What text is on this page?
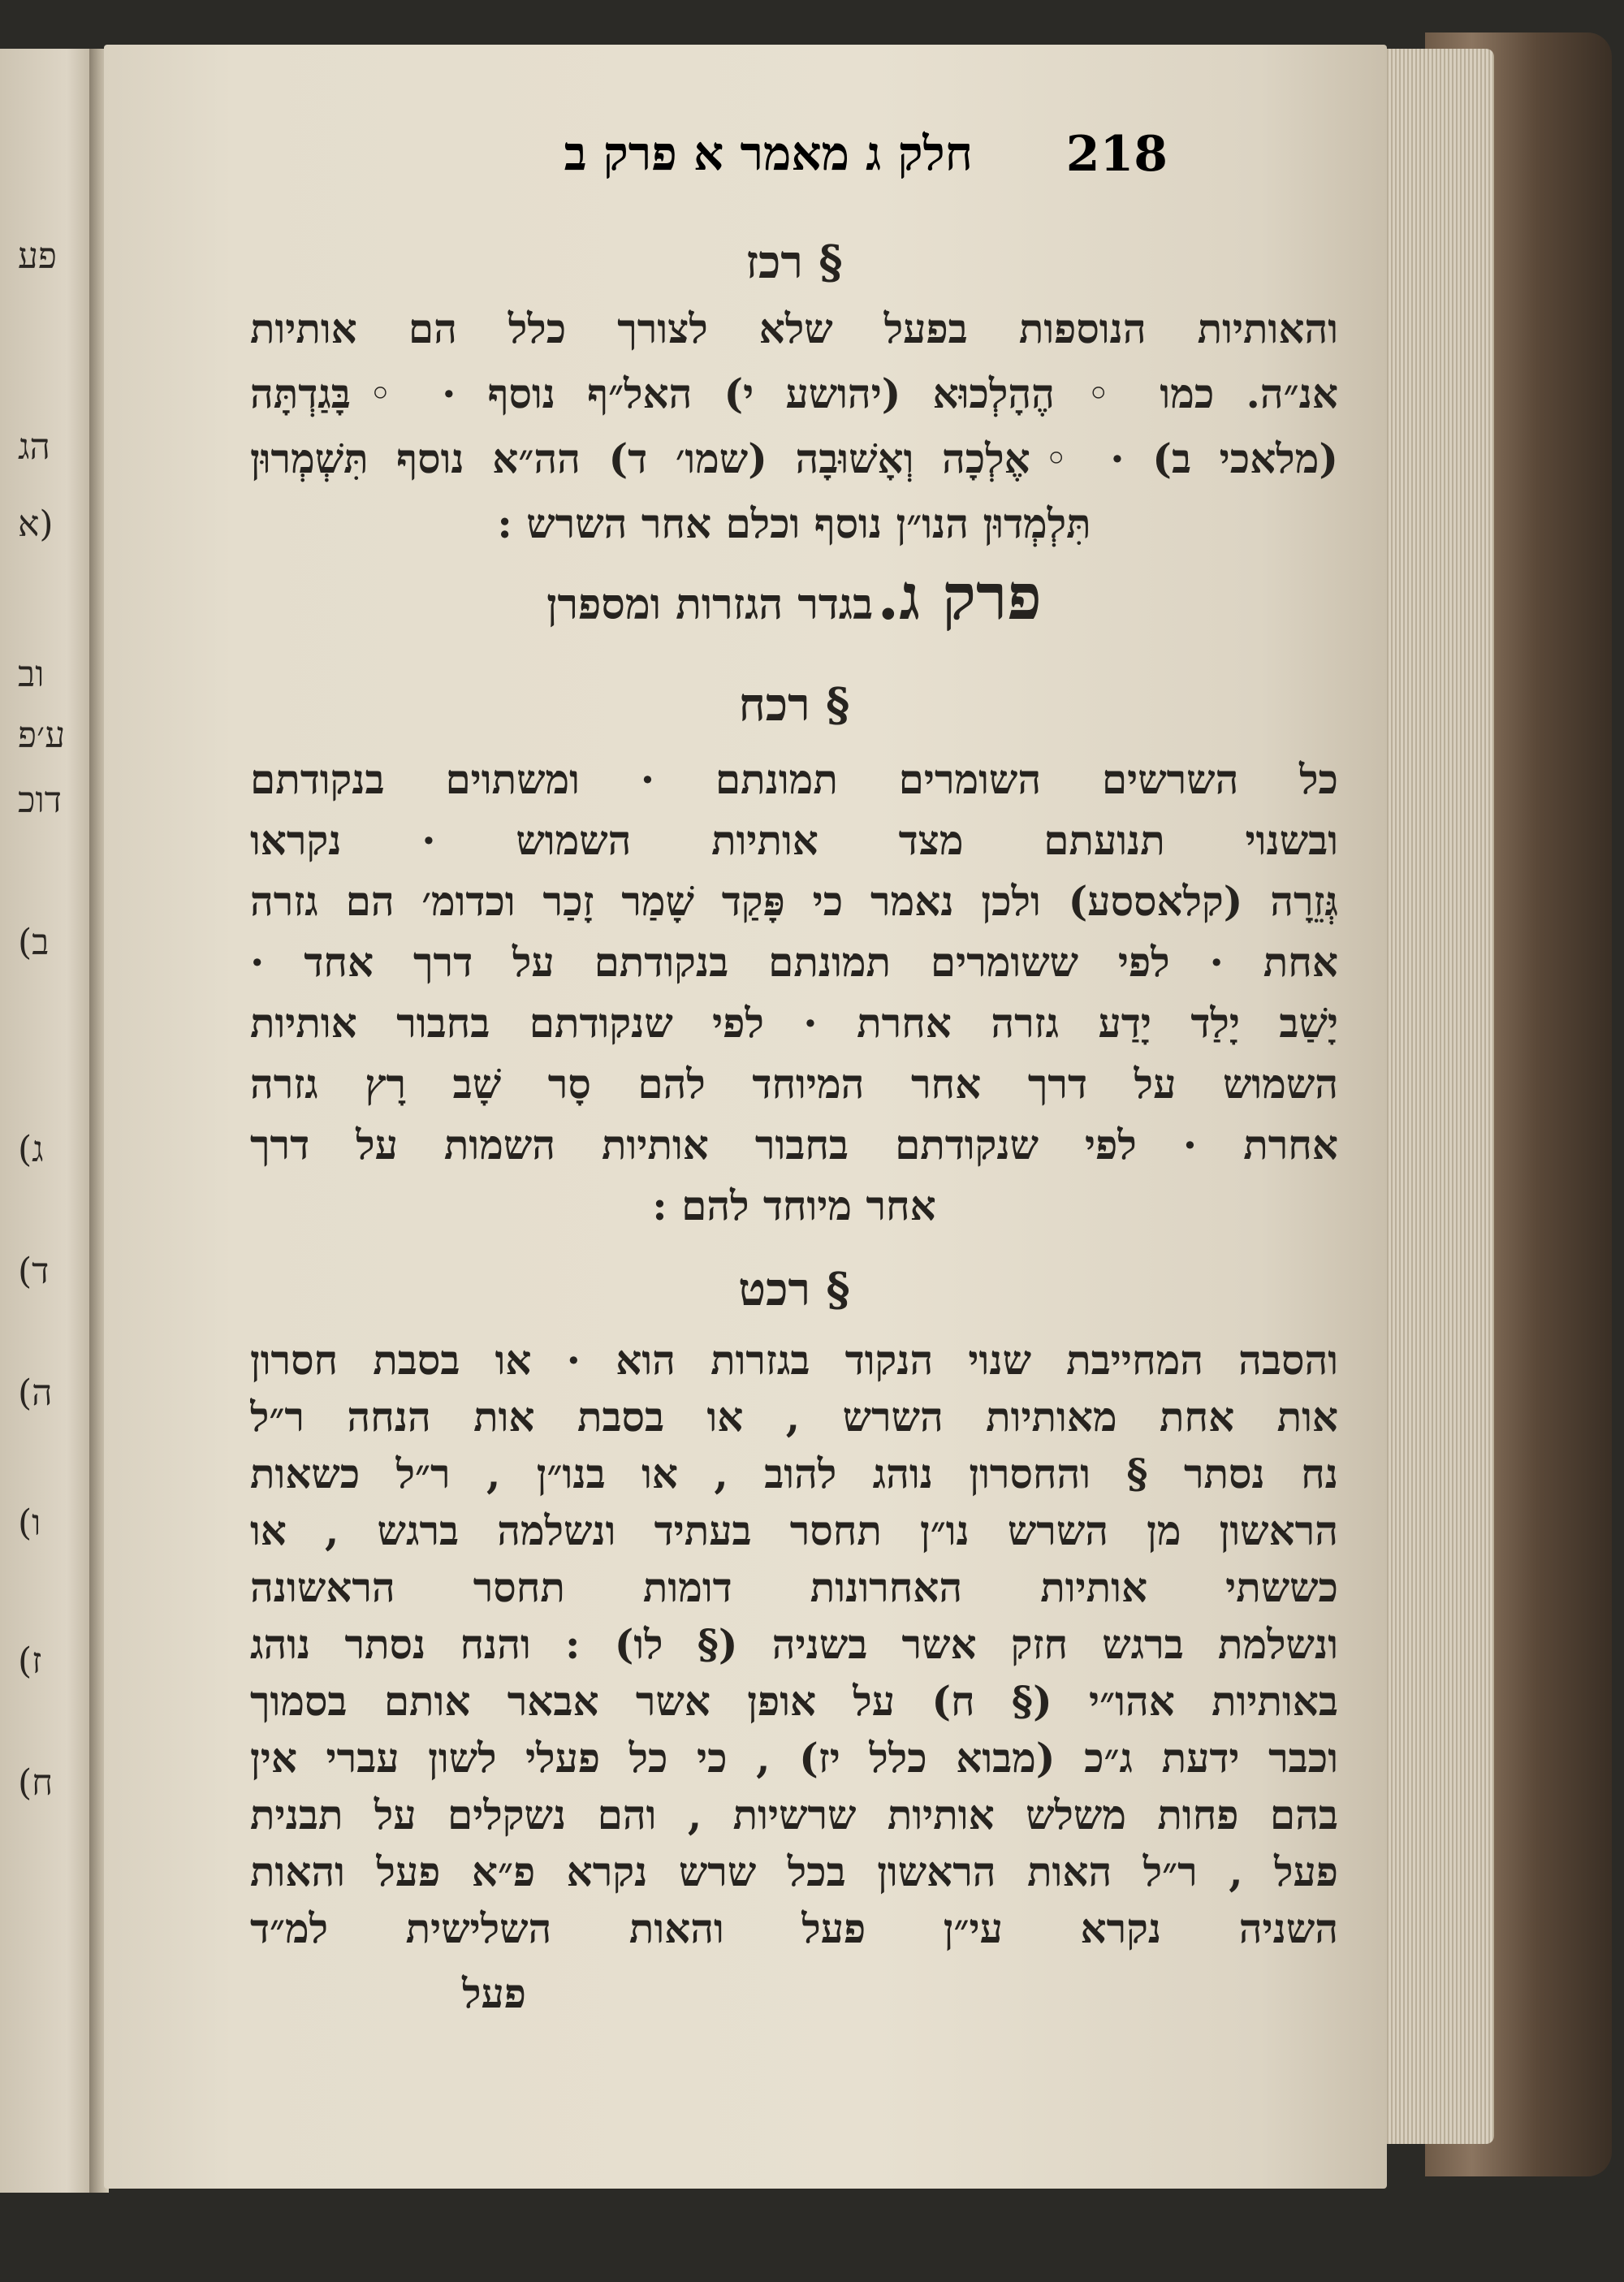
פע
הג
(א
וב
ע׳פ
דוכ
ב)
ג)
ד)
ה)
ו)
ז)
ח)
חלק ג מאמר א פרק ב 218
§ רכז
והאותיות הנוספות בפעל שלא לצורך כלל הם אותיות
אנ״ה. כמו ◦ הֶהָלְכוּא (יהושע י) האל״ף נוסף · ◦בָּגַדְתָּה
(מלאכי ב) · ◦אֶלְכָה וְאָשׁוּבָה (שמו׳ ד) הה״א נוסף תִּשְׁמְרוּן
תִּלְמְדוּן הנו״ן נוסף וכלם אחר השרש :
פרק ג. בגדר הגזרות ומספרן
§ רכח
כל השרשים השומרים תמונתם · ומשתוים בנקודתם
ובשנוי תנועתם מצד אותיות השמוש · נקראו
גְּזֵרָה (קלאססע) ולכן נאמר כי פָּקַד שָׁמַר זָכַר וכדומ׳ הם גזרה
אחת · לפי ששומרים תמונתם בנקודתם על דרך אחד ·
יָשַׁב יָלַד יָדַע גזרה אחרת · לפי שנקודתם בחבור אותיות
השמוש על דרך אחר המיוחד להם סָר שָׁב רָץ גזרה
אחרת · לפי שנקודתם בחבור אותיות השמות על דרך
אחר מיוחד להם :
§ רכט
והסבה המחייבת שנוי הנקוד בגזרות הוא · או בסבת חסרון
אות אחת מאותיות השרש , או בסבת אות הנחה ר״ל
נח נסתר § והחסרון נוהג להוב , או בנו״ן , ר״ל כשאות
הראשון מן השרש נו״ן תחסר בעתיד ונשלמה ברגש , או
כששתי אותיות האחרונות דומות תחסר הראשונה
ונשלמת ברגש חזק אשר בשניה (§ לו) : והנח נסתר נוהג
באותיות אהו״י (§ ח) על אופן אשר אבאר אותם בסמוך
וכבר ידעת ג״כ (מבוא כלל יז) , כי כל פעלי לשון עברי אין
בהם פחות משלש אותיות שרשיות , והם נשקלים על תבנית
פעל , ר״ל האות הראשון בכל שרש נקרא פ״א פעל והאות
השניה נקרא עי״ן פעל והאות השלישית למ״ד
פעל
